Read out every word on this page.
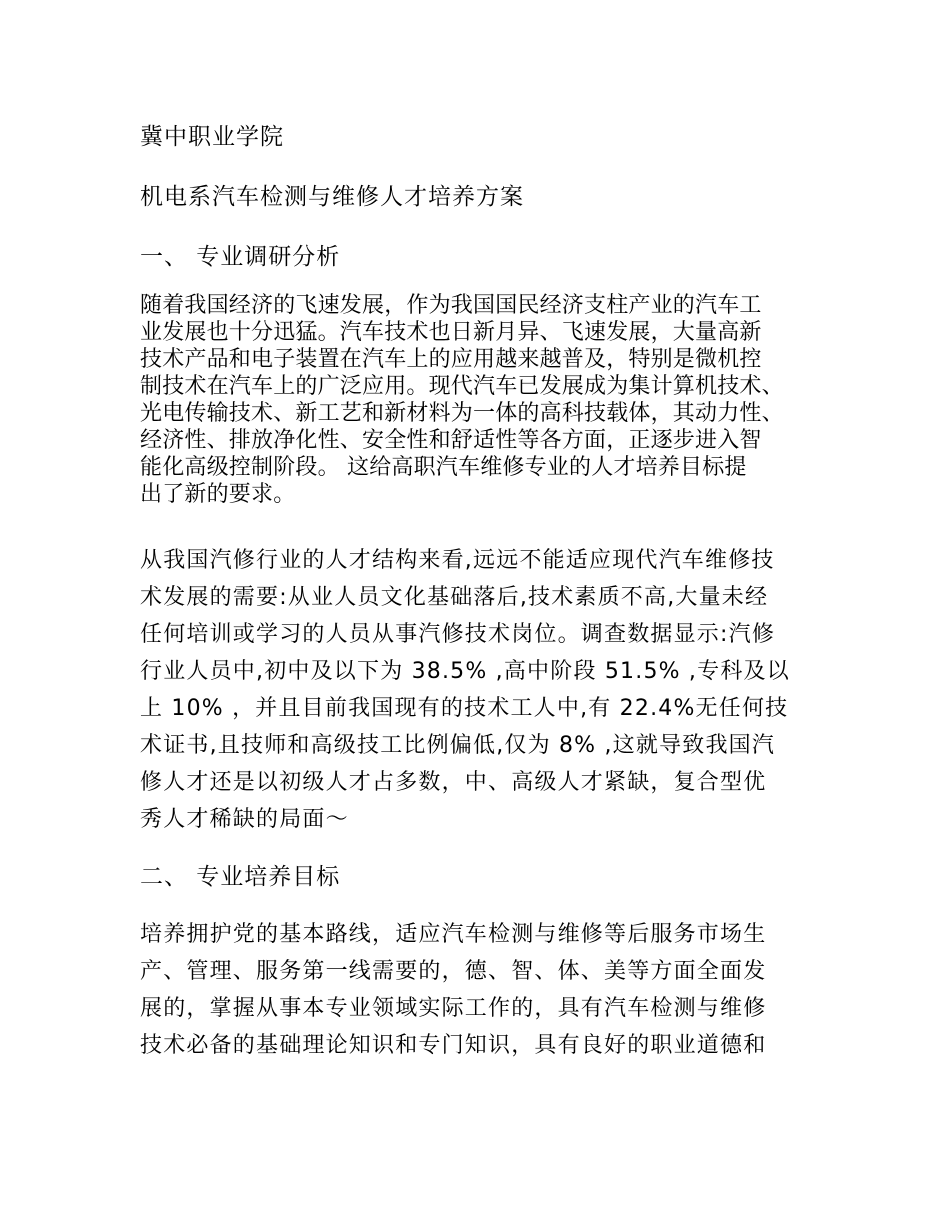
冀中职业学院
机电系汽车检测与维修人才培养方案
一、 专业调研分析
随着我国经济的飞速发展，作为我国国民经济支柱产业的汽车工
业发展也十分迅猛。汽车技术也日新月异、飞速发展，大量高新
技术产品和电子装置在汽车上的应用越来越普及，特别是微机控
制技术在汽车上的广泛应用。现代汽车已发展成为集计算机技术、
光电传输技术、新工艺和新材料为一体的高科技载体，其动力性、
经济性、排放净化性、安全性和舒适性等各方面，正逐步进入智
能化高级控制阶段。 这给高职汽车维修专业的人才培养目标提
出了新的要求。
从我国汽修行业的人才结构来看,远远不能适应现代汽车维修技
术发展的需要:从业人员文化基础落后,技术素质不高,大量未经
任何培训或学习的人员从事汽修技术岗位。调查数据显示:汽修
行业人员中,初中及以下为 38.5% ,高中阶段 51.5% ,专科及以
上 10% ，并且目前我国现有的技术工人中,有 22.4%无任何技
术证书,且技师和高级技工比例偏低,仅为 8% ,这就导致我国汽
修人才还是以初级人才占多数，中、高级人才紧缺，复合型优
秀人才稀缺的局面～
二、 专业培养目标
培养拥护党的基本路线，适应汽车检测与维修等后服务市场生
产、管理、服务第一线需要的，德、智、体、美等方面全面发
展的，掌握从事本专业领域实际工作的，具有汽车检测与维修
技术必备的基础理论知识和专门知识，具有良好的职业道德和
